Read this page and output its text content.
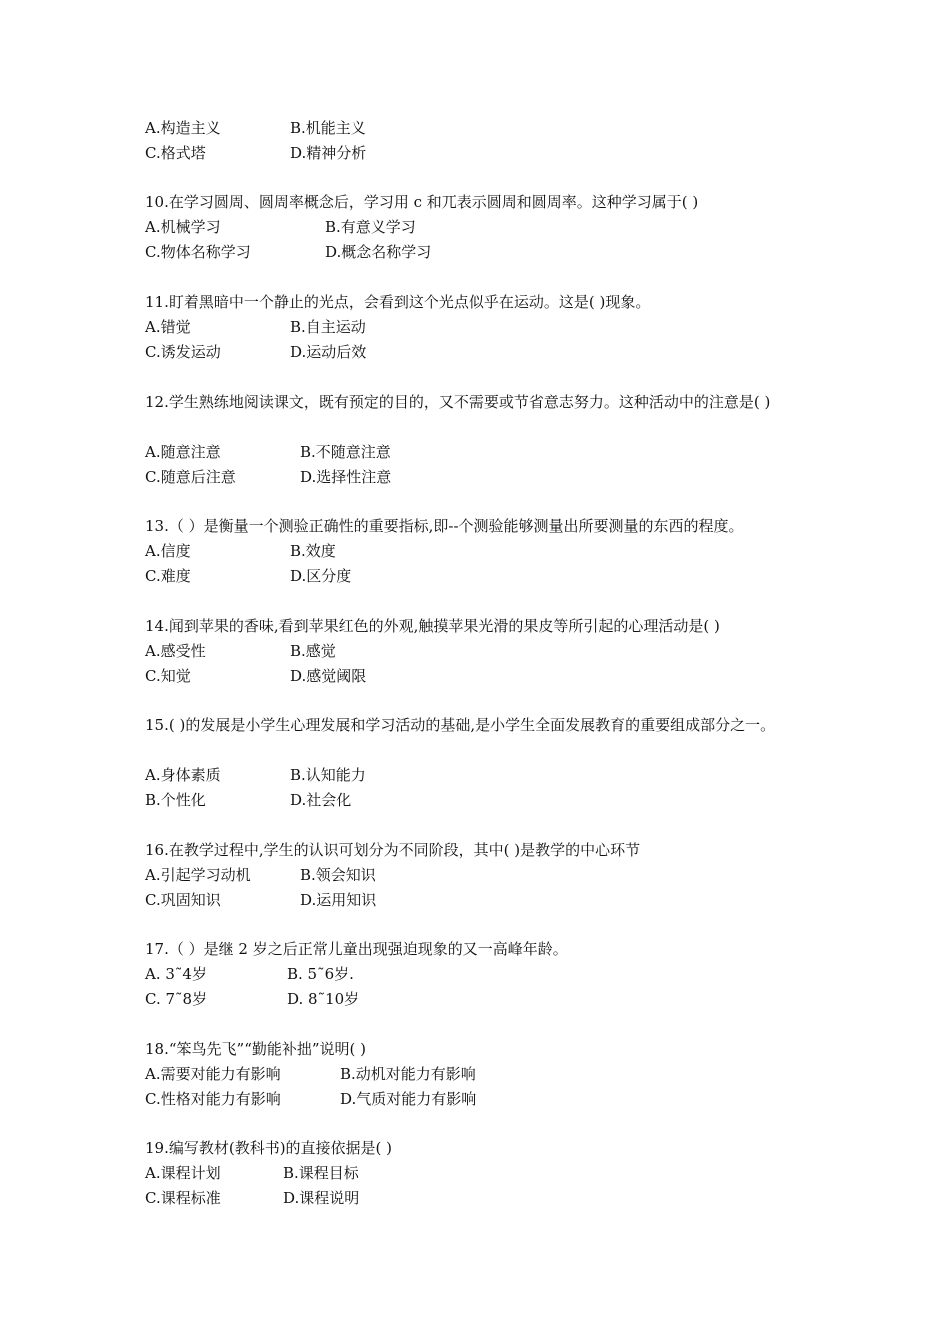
A.构造主义	B.机能主义
C.格式塔	D.精神分析
10.在学习圆周、圆周率概念后，学习用 c 和兀表示圆周和圆周率。这种学习属于( )
A.机械学习	B.有意义学习
C.物体名称学习	D.概念名称学习
11.盯着黑暗中一个静止的光点，会看到这个光点似乎在运动。这是( )现象。
A.错觉	B.自主运动
C.诱发运动	D.运动后效
12.学生熟练地阅读课文，既有预定的目的，又不需要或节省意志努力。这种活动中的注意是( )
A.随意注意	B.不随意注意
C.随意后注意	D.选择性注意
13.（ ）是衡量一个测验正确性的重要指标,即--个测验能够测量出所要测量的东西的程度。
A.信度	B.效度
C.难度	D.区分度
14.闻到苹果的香味,看到苹果红色的外观,触摸苹果光滑的果皮等所引起的心理活动是( )
A.感受性	B.感觉
C.知觉	D.感觉阈限
15.( )的发展是小学生心理发展和学习活动的基础,是小学生全面发展教育的重要组成部分之一。
A.身体素质	B.认知能力
B.个性化	D.社会化
16.在教学过程中,学生的认识可划分为不同阶段，其中( )是教学的中心环节
A.引起学习动机	B.领会知识
C.巩固知识	D.运用知识
17.（ ）是继 2 岁之后正常儿童出现强迫现象的又一高峰年龄。
A. 3˜4岁	B. 5˜6岁.
C. 7˜8岁	D. 8˜10岁
18.“笨鸟先飞”“勤能补拙”说明( )
A.需要对能力有影响	B.动机对能力有影响
C.性格对能力有影响	D.气质对能力有影响
19.编写教材(教科书)的直接依据是( )
A.课程计划	B.课程目标
C.课程标准	D.课程说明
